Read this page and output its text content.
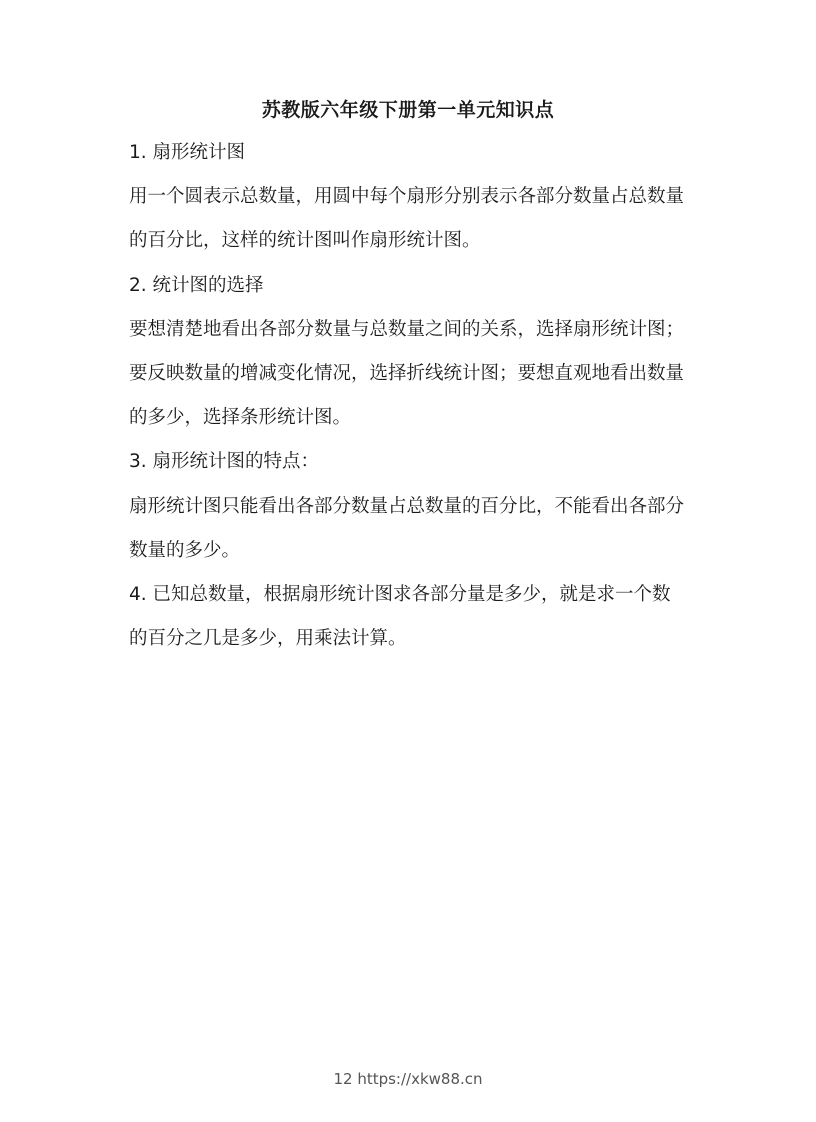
苏教版六年级下册第一单元知识点

1. 扇形统计图

用一个圆表示总数量，用圆中每个扇形分别表示各部分数量占总数量

的百分比，这样的统计图叫作扇形统计图。

2. 统计图的选择

要想清楚地看出各部分数量与总数量之间的关系，选择扇形统计图；

要反映数量的增减变化情况，选择折线统计图；要想直观地看出数量

的多少，选择条形统计图。

3. 扇形统计图的特点：

扇形统计图只能看出各部分数量占总数量的百分比，不能看出各部分

数量的多少。

4. 已知总数量，根据扇形统计图求各部分量是多少，就是求一个数

的百分之几是多少，用乘法计算。

12 https://xkw88.cn
